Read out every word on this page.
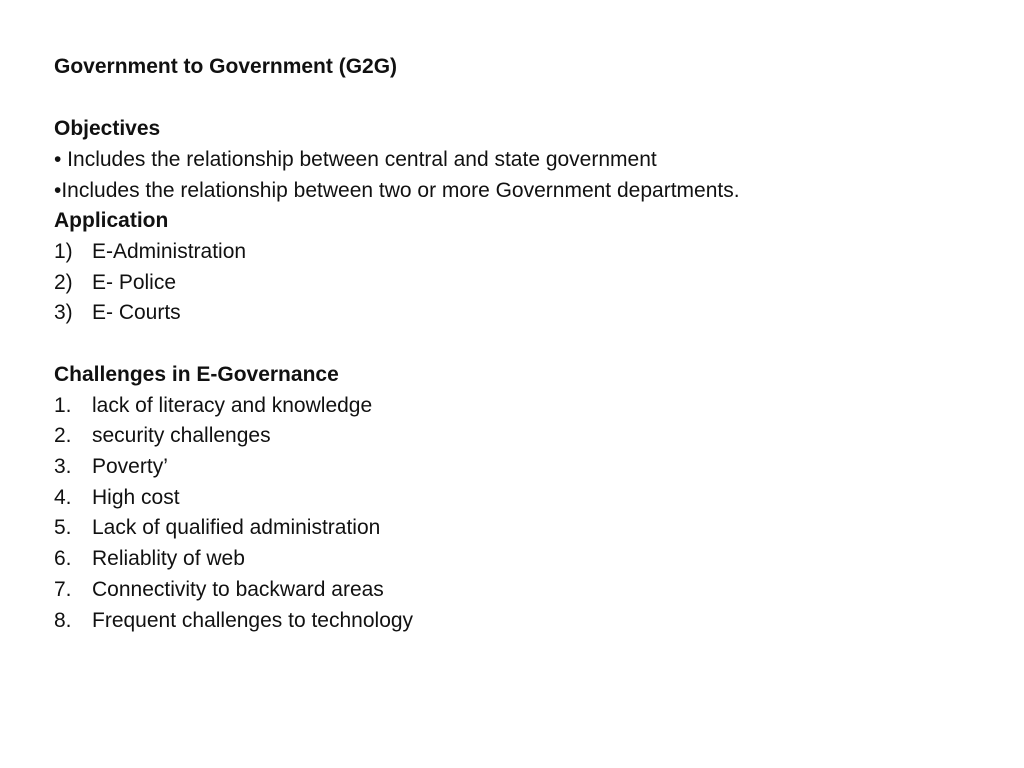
Government to Government (G2G)
Objectives
• Includes the relationship between central and state government
•Includes the relationship between two or more Government departments.
Application
1) E-Administration
2) E- Police
3) E- Courts
Challenges in E-Governance
1. lack of literacy and knowledge
2. security challenges
3. Poverty’
4. High cost
5. Lack of qualified administration
6. Reliablity of web
7. Connectivity to backward areas
8. Frequent challenges to technology
